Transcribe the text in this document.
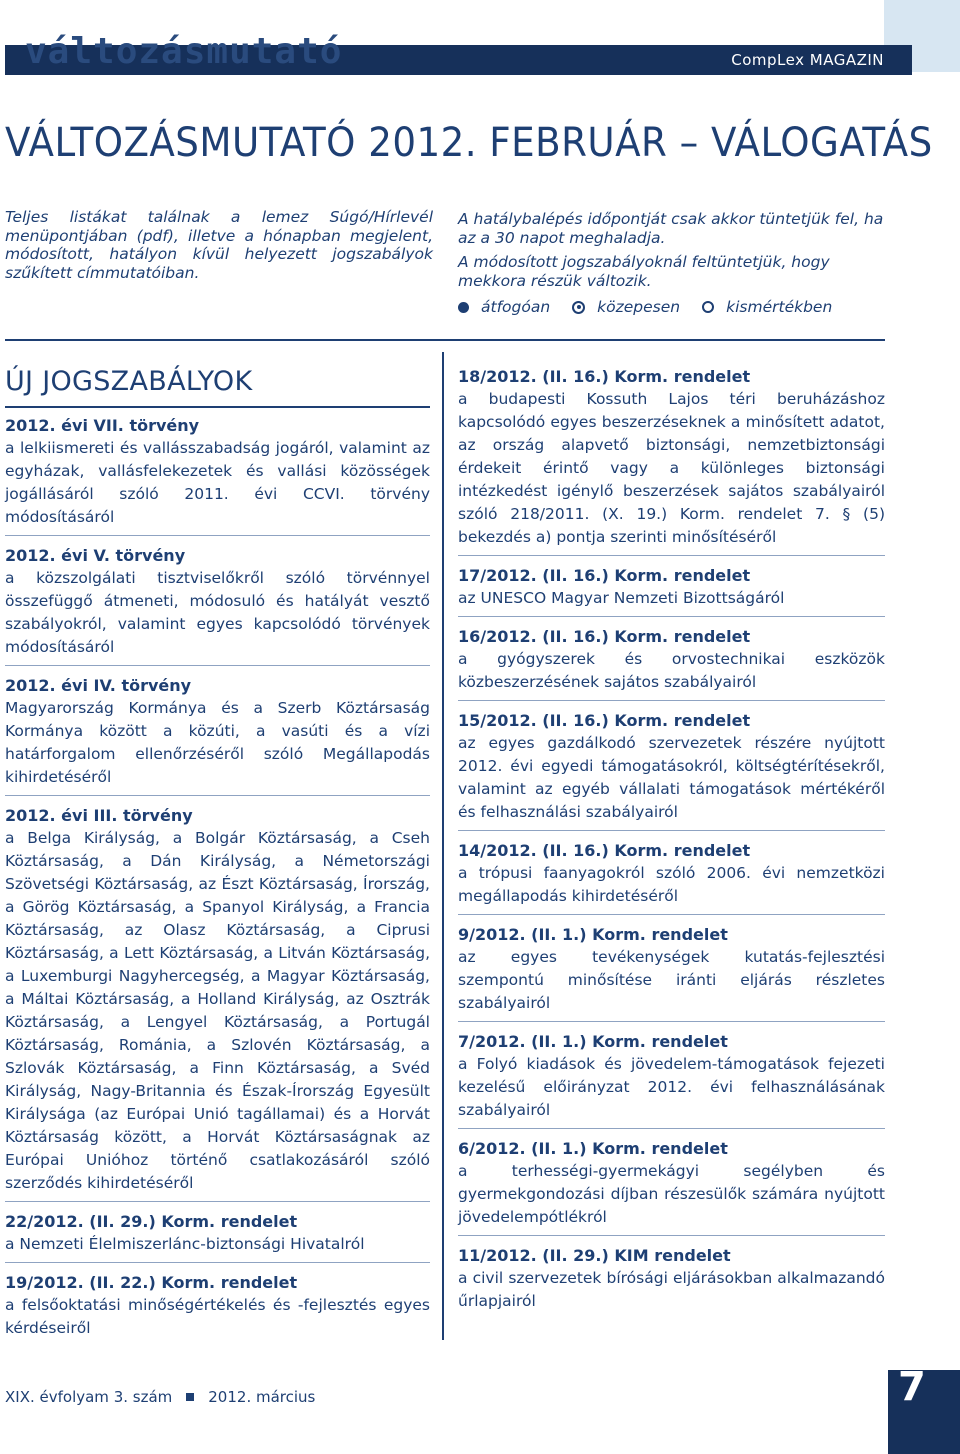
változásmutató	CompLex MAGAZIN
VÁLTOZÁSMUTATÓ 2012. FEBRUÁR – VÁLOGATÁS
Teljes listákat találnak a lemez Súgó/Hírlevél menüpontjában (pdf), illetve a hónapban megjelent, módosított, hatályon kívül helyezett jogszabályok szűkített címmutatóiban.

A hatálybalépés időpontját csak akkor tüntetjük fel, ha az a 30 napot meghaladja.

A módosított jogszabályoknál feltüntetjük, hogy mekkora részük változik.

átfogóan	közepesen	kismértékben
ÚJ JOGSZABÁLYOK
2012. évi VII. törvény
a lelkiismereti és vallásszabadság jogáról, valamint az egyházak, vallásfelekezetek és vallási közösségek jogállásáról szóló 2011. évi CCVI. törvény módosításáról
2012. évi V. törvény
a közszolgálati tisztviselőkről szóló törvénnyel összefüggő átmeneti, módosuló és hatályát vesztő szabályokról, valamint egyes kapcsolódó törvények módosításáról
2012. évi IV. törvény
Magyarország Kormánya és a Szerb Köztársaság Kormánya között a közúti, a vasúti és a vízi határforgalom ellenőrzéséről szóló Megállapodás kihirdetéséről
2012. évi III. törvény
a Belga Királyság, a Bolgár Köztársaság, a Cseh Köztársaság, a Dán Királyság, a Németországi Szövetségi Köztársaság, az Észt Köztársaság, Írország, a Görög Köztársaság, a Spanyol Királyság, a Francia Köztársaság, az Olasz Köztársaság, a Ciprusi Köztársaság, a Lett Köztársaság, a Litván Köztársaság, a Luxemburgi Nagyhercegség, a Magyar Köztársaság, a Máltai Köztársaság, a Holland Királyság, az Osztrák Köztársaság, a Lengyel Köztársaság, a Portugál Köztársaság, Románia, a Szlovén Köztársaság, a Szlovák Köztársaság, a Finn Köztársaság, a Svéd Királyság, Nagy-Britannia és Észak-Írország Egyesült Királysága (az Európai Unió tagállamai) és a Horvát Köztársaság között, a Horvát Köztársaságnak az Európai Unióhoz történő csatlakozásáról szóló szerződés kihirdetéséről
22/2012. (II. 29.) Korm. rendelet
a Nemzeti Élelmiszerlánc-biztonsági Hivatalról
19/2012. (II. 22.) Korm. rendelet
a felsőoktatási minőségértékelés és -fejlesztés egyes kérdéseiről
18/2012. (II. 16.) Korm. rendelet
a budapesti Kossuth Lajos téri beruházáshoz kapcsolódó egyes beszerzéseknek a minősített adatot, az ország alapvető biztonsági, nemzetbiztonsági érdekeit érintő vagy a különleges biztonsági intézkedést igénylő beszerzések sajátos szabályairól szóló 218/2011. (X. 19.) Korm. rendelet 7. § (5) bekezdés a) pontja szerinti minősítéséről
17/2012. (II. 16.) Korm. rendelet
az UNESCO Magyar Nemzeti Bizottságáról
16/2012. (II. 16.) Korm. rendelet
a gyógyszerek és orvostechnikai eszközök közbeszerzésének sajátos szabályairól
15/2012. (II. 16.) Korm. rendelet
az egyes gazdálkodó szervezetek részére nyújtott 2012. évi egyedi támogatásokról, költségtérítésekről, valamint az egyéb vállalati támogatások mértékéről és felhasználási szabályairól
14/2012. (II. 16.) Korm. rendelet
a trópusi faanyagokról szóló 2006. évi nemzetközi megállapodás kihirdetéséről
9/2012. (II. 1.) Korm. rendelet
az egyes tevékenységek kutatás-fejlesztési szempontú minősítése iránti eljárás részletes szabályairól
7/2012. (II. 1.) Korm. rendelet
a Folyó kiadások és jövedelem-támogatások fejezeti kezelésű előirányzat 2012. évi felhasználásának szabályairól
6/2012. (II. 1.) Korm. rendelet
a terhességi-gyermekágyi segélyben és gyermekgondozási díjban részesülők számára nyújtott jövedelempótlékról
11/2012. (II. 29.) KIM rendelet
a civil szervezetek bírósági eljárásokban alkalmazandó űrlapjairól
XIX. évfolyam 3. szám 2012. március	7
